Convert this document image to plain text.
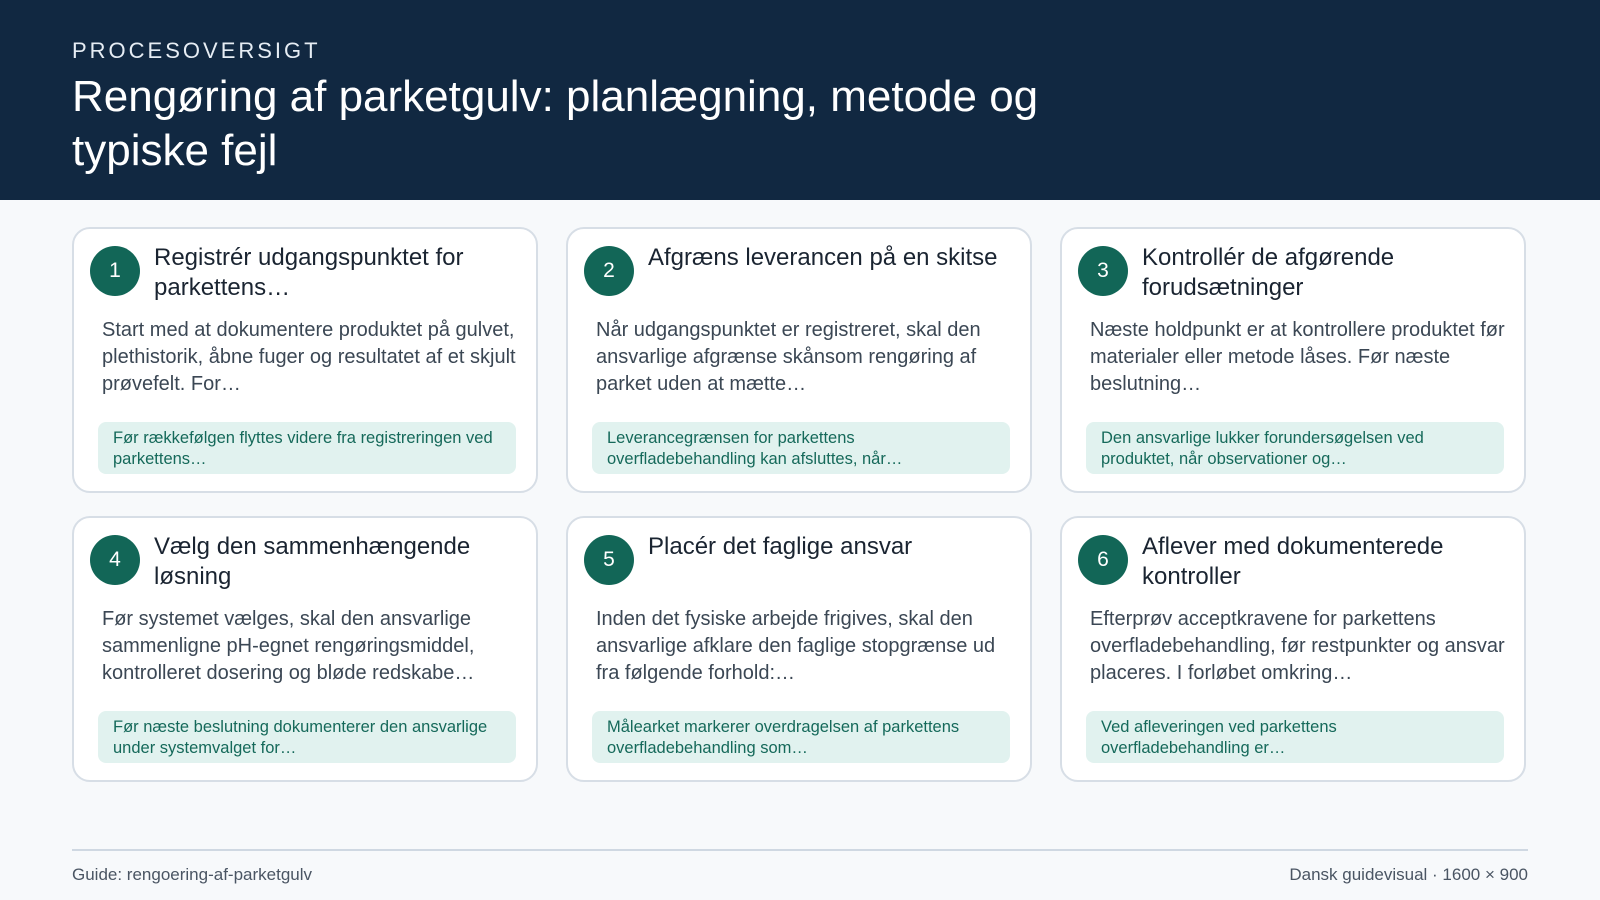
PROCESOVERSIGT
Rengøring af parketgulv: planlægning, metode og typiske fejl
1	Registrér udgangspunktet for parkettens…
Start med at dokumentere produktet på gulvet, plethistorik, åbne fuger og resultatet af et skjult prøvefelt. For…
Før rækkefølgen flyttes videre fra registreringen ved parkettens…
2	Afgræns leverancen på en skitse
Når udgangspunktet er registreret, skal den ansvarlige afgrænse skånsom rengøring af parket uden at mætte…
Leverancegrænsen for parkettens overfladebehandling kan afsluttes, når…
3	Kontrollér de afgørende forudsætninger
Næste holdpunkt er at kontrollere produktet før materialer eller metode låses. Før næste beslutning…
Den ansvarlige lukker forundersøgelsen ved produktet, når observationer og…
4	Vælg den sammenhængende løsning
Før systemet vælges, skal den ansvarlige sammenligne pH-egnet rengøringsmiddel, kontrolleret dosering og bløde redskabe…
Før næste beslutning dokumenterer den ansvarlige under systemvalget for…
5	Placér det faglige ansvar
Inden det fysiske arbejde frigives, skal den ansvarlige afklare den faglige stopgrænse ud fra følgende forhold:…
Målearket markerer overdragelsen af parkettens overfladebehandling som…
6	Aflever med dokumenterede kontroller
Efterprøv acceptkravene for parkettens overfladebehandling, før restpunkter og ansvar placeres. I forløbet omkring…
Ved afleveringen ved parkettens overfladebehandling er…
Guide: rengoering-af-parketgulv	Dansk guidevisual · 1600 × 900
